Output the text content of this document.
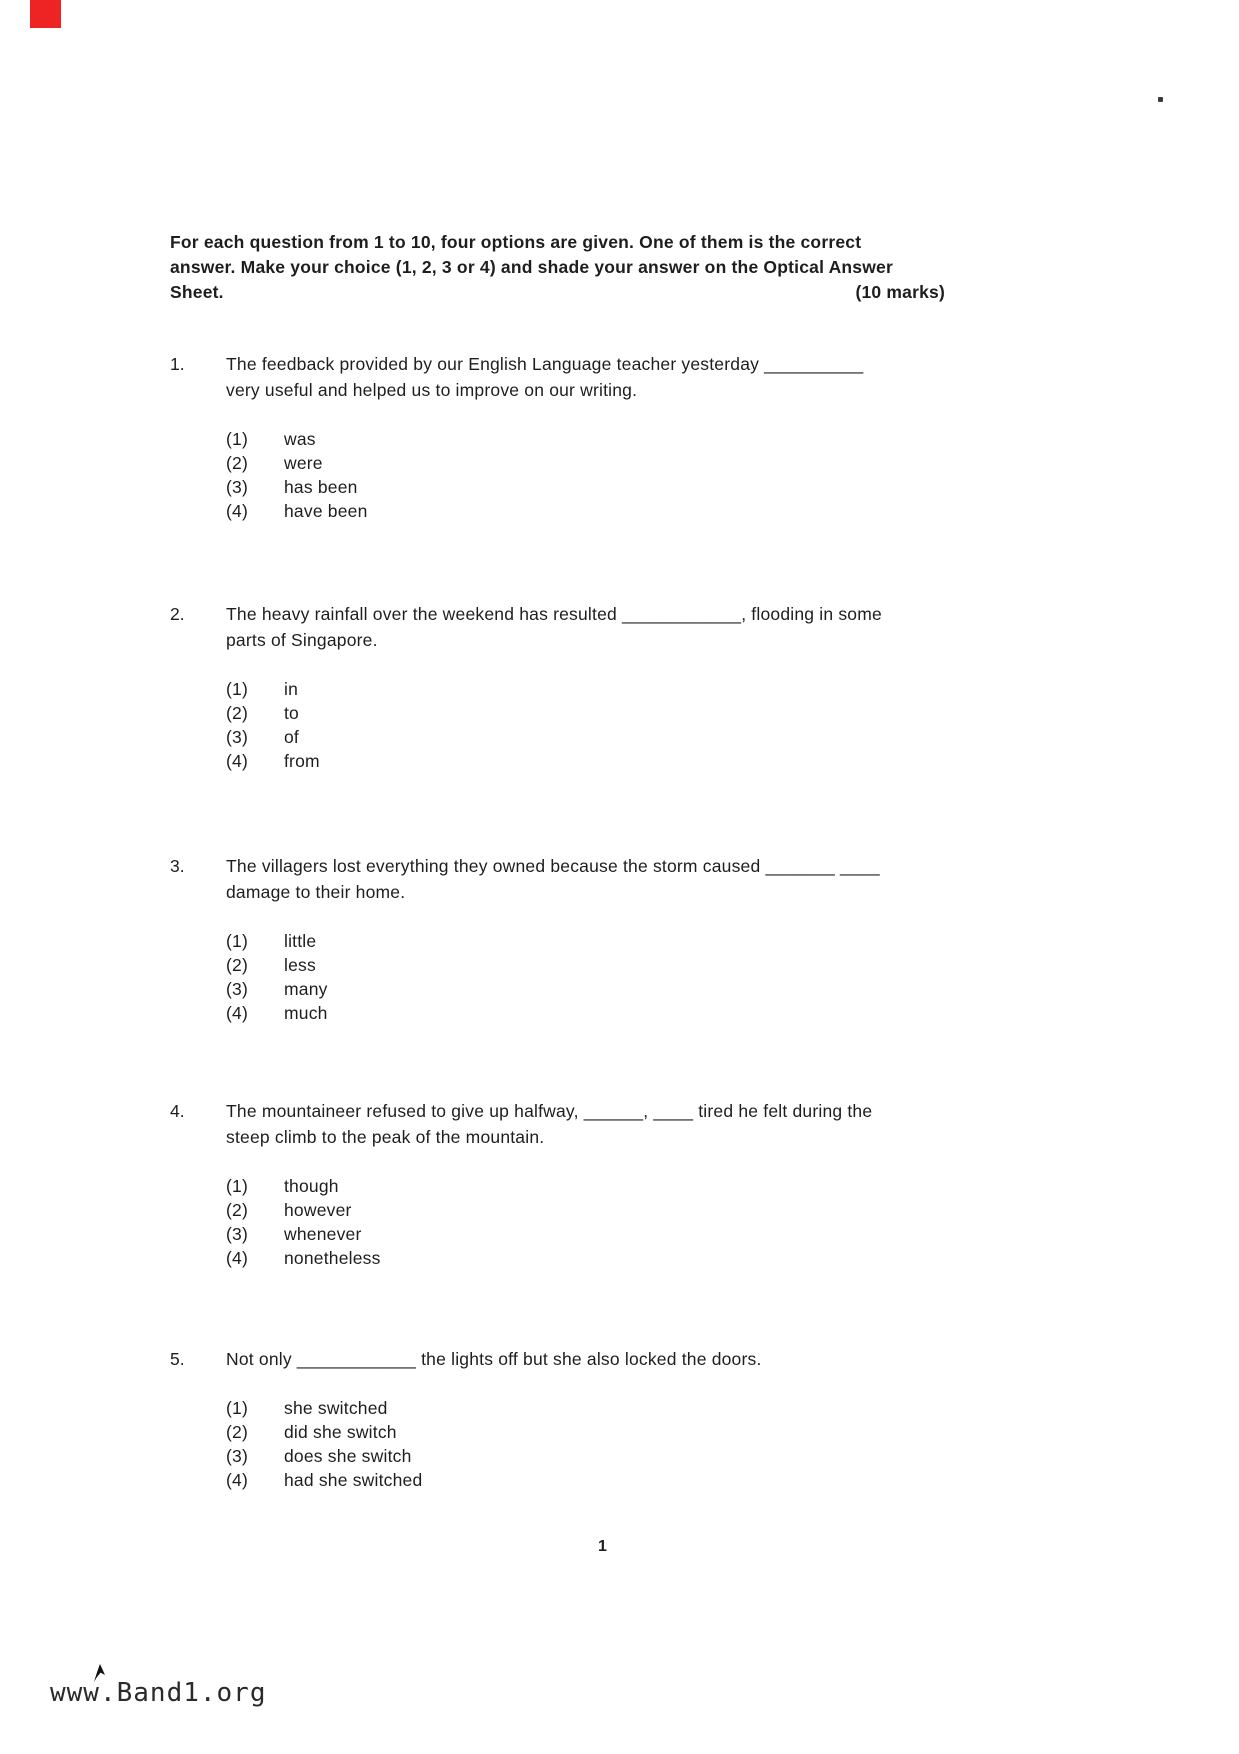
For each question from 1 to 10, four options are given. One of them is the correct
answer. Make your choice (1, 2, 3 or 4) and shade your answer on the Optical Answer
Sheet.	(10 marks)
1.	The feedback provided by our English Language teacher yesterday __________
very useful and helped us to improve on our writing.
(1)	was
(2)	were
(3)	has been
(4)	have been
2.	The heavy rainfall over the weekend has resulted ____________, flooding in some
parts of Singapore.
(1)	in
(2)	to
(3)	of
(4)	from
3.	The villagers lost everything they owned because the storm caused _______ ____
damage to their home.
(1)	little
(2)	less
(3)	many
(4)	much
4.	The mountaineer refused to give up halfway, ______, ____ tired he felt during the
steep climb to the peak of the mountain.
(1)	though
(2)	however
(3)	whenever
(4)	nonetheless
5.	Not only ____________ the lights off but she also locked the doors.
(1)	she switched
(2)	did she switch
(3)	does she switch
(4)	had she switched
1
www.Band1.org
